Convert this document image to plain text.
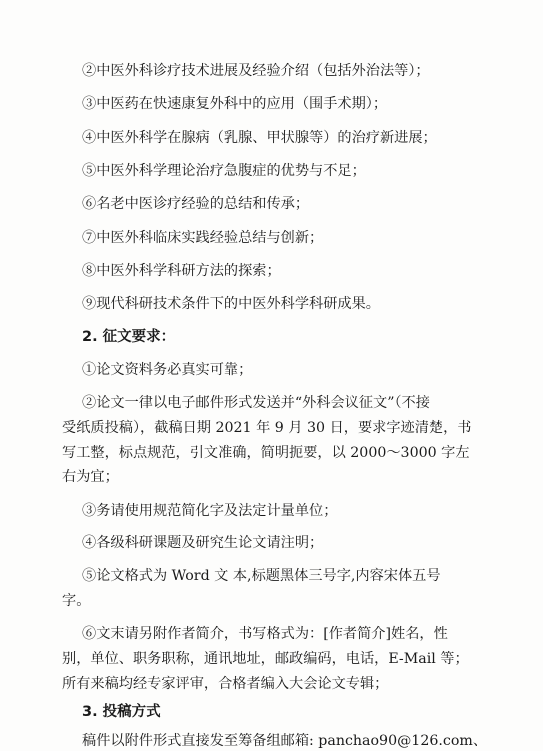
②中医外科诊疗技术进展及经验介绍（包括外治法等）；
③中医药在快速康复外科中的应用（围手术期）；
④中医外科学在腺病（乳腺、甲状腺等）的治疗新进展；
⑤中医外科学理论治疗急腹症的优势与不足；
⑥名老中医诊疗经验的总结和传承；
⑦中医外科临床实践经验总结与创新；
⑧中医外科学科研方法的探索；
⑨现代科研技术条件下的中医外科学科研成果。
2. 征文要求：
①论文资料务必真实可靠；
②论文一律以电子邮件形式发送并“外科会议征文”（不接
受纸质投稿），截稿日期 2021 年 9 月 30 日，要求字迹清楚，书
写工整，标点规范，引文准确，简明扼要，以 2000～3000 字左
右为宜；
③务请使用规范简化字及法定计量单位；
④各级科研课题及研究生论文请注明；
⑤论文格式为 Word 文 本,标题黑体三号字,内容宋体五号
字。
⑥文末请另附作者简介，书写格式为：[作者简介]姓名，性
别，单位、职务职称，通讯地址，邮政编码，电话，E-Mail 等；
所有来稿均经专家评审，合格者编入大会论文专辑；
3. 投稿方式
稿件以附件形式直接发至筹备组邮箱: panchao90@126.com、
